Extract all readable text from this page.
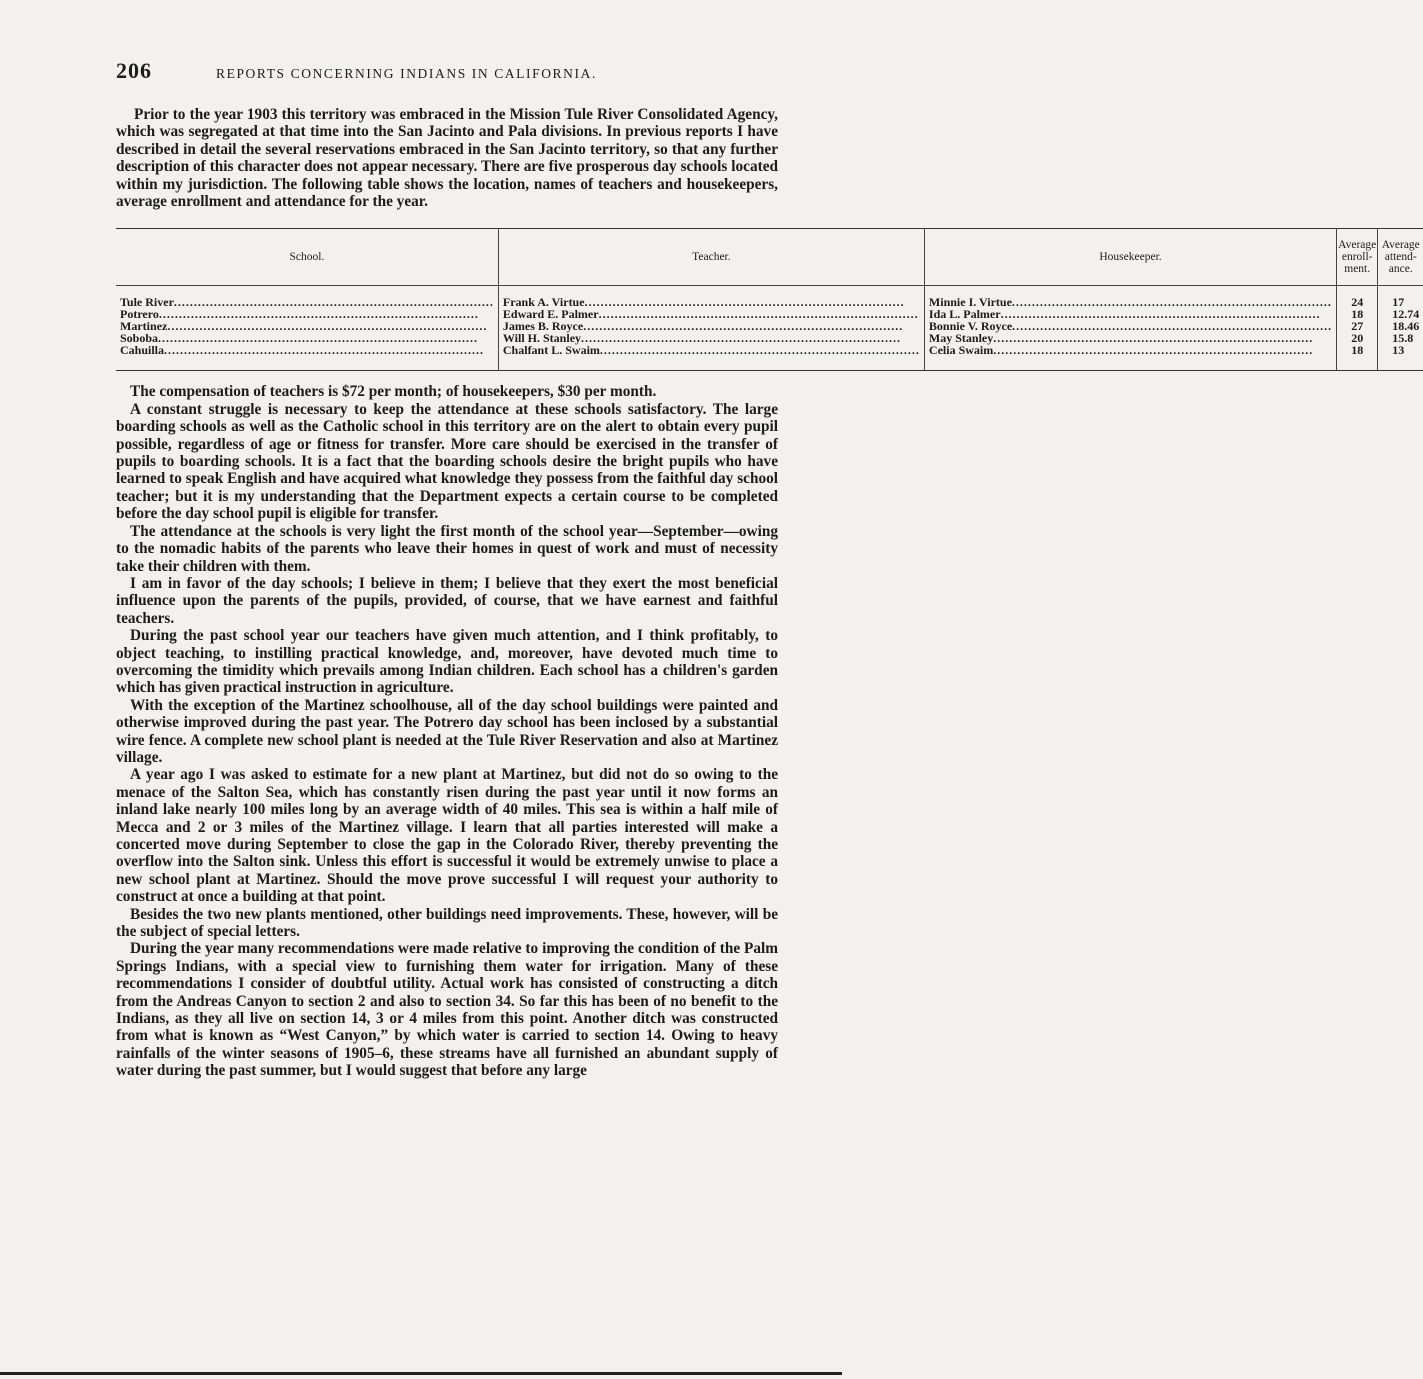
206	REPORTS CONCERNING INDIANS IN CALIFORNIA.

Prior to the year 1903 this territory was embraced in the Mission Tule River Consolidated Agency, which was segregated at that time into the San Jacinto and Pala divisions. In previous reports I have described in detail the several reservations embraced in the San Jacinto territory, so that any further description of this character does not appear necessary. There are five prosperous day schools located within my jurisdiction. The following table shows the location, names of teachers and housekeepers, average enrollment and attendance for the year.

School.	Teacher.	Housekeeper.	Average enroll-ment.	Average attend-ance.

Tule River ................................................................................	Frank A. Virtue ................................................................................	Minnie I. Virtue ................................................................................	24	17

Potrero ................................................................................	Edward E. Palmer ................................................................................	Ida L. Palmer ................................................................................	18	12.74

Martinez ................................................................................	James B. Royce ................................................................................	Bonnie V. Royce ................................................................................	27	18.46

Soboba ................................................................................	Will H. Stanley ................................................................................	May Stanley ................................................................................	20	15.8

Cahuilla ................................................................................	Chalfant L. Swaim ................................................................................	Celia Swaim ................................................................................	18	13

The compensation of teachers is $72 per month; of housekeepers, $30 per month.

A constant struggle is necessary to keep the attendance at these schools satisfactory. The large boarding schools as well as the Catholic school in this territory are on the alert to obtain every pupil possible, regardless of age or fitness for transfer. More care should be exercised in the transfer of pupils to boarding schools. It is a fact that the boarding schools desire the bright pupils who have learned to speak English and have acquired what knowledge they possess from the faithful day school teacher; but it is my understanding that the Department expects a certain course to be completed before the day school pupil is eligible for transfer.

The attendance at the schools is very light the first month of the school year—September—owing to the nomadic habits of the parents who leave their homes in quest of work and must of necessity take their children with them.

I am in favor of the day schools; I believe in them; I believe that they exert the most beneficial influence upon the parents of the pupils, provided, of course, that we have earnest and faithful teachers.

During the past school year our teachers have given much attention, and I think profitably, to object teaching, to instilling practical knowledge, and, moreover, have devoted much time to overcoming the timidity which prevails among Indian children. Each school has a children's garden which has given practical instruction in agriculture.

With the exception of the Martinez schoolhouse, all of the day school buildings were painted and otherwise improved during the past year. The Potrero day school has been inclosed by a substantial wire fence. A complete new school plant is needed at the Tule River Reservation and also at Martinez village.

A year ago I was asked to estimate for a new plant at Martinez, but did not do so owing to the menace of the Salton Sea, which has constantly risen during the past year until it now forms an inland lake nearly 100 miles long by an average width of 40 miles. This sea is within a half mile of Mecca and 2 or 3 miles of the Martinez village. I learn that all parties interested will make a concerted move during September to close the gap in the Colorado River, thereby preventing the overflow into the Salton sink. Unless this effort is successful it would be extremely unwise to place a new school plant at Martinez. Should the move prove successful I will request your authority to construct at once a building at that point.

Besides the two new plants mentioned, other buildings need improvements. These, however, will be the subject of special letters.

During the year many recommendations were made relative to improving the condition of the Palm Springs Indians, with a special view to furnishing them water for irrigation. Many of these recommendations I consider of doubtful utility. Actual work has consisted of constructing a ditch from the Andreas Canyon to section 2 and also to section 34. So far this has been of no benefit to the Indians, as they all live on section 14, 3 or 4 miles from this point. Another ditch was constructed from what is known as “West Canyon,” by which water is carried to section 14. Owing to heavy rainfalls of the winter seasons of 1905–6, these streams have all furnished an abundant supply of water during the past summer, but I would suggest that before any large
